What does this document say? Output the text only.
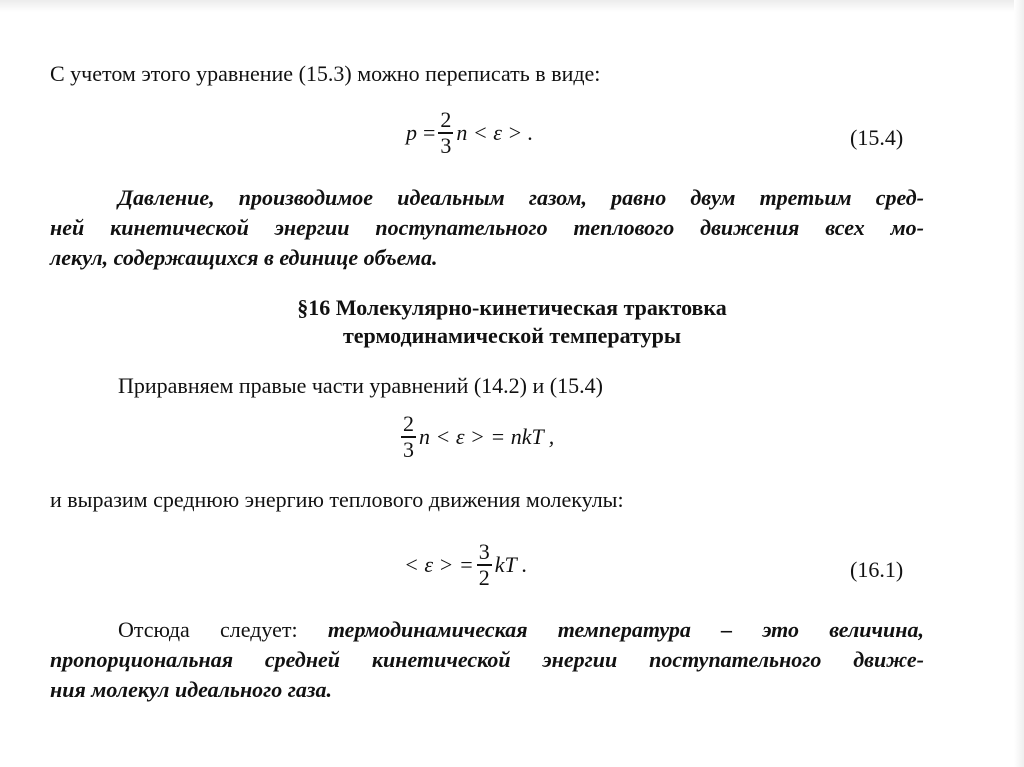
С учетом этого уравнение (15.3) можно переписать в виде:
$p = \frac{2}{3}$ n < ε > .	(15.4)
Давление, производимое идеальным газом, равно двум третьим сред-
ней кинетической энергии поступательного теплового движения всех мо-
лекул, содержащихся в единице объема.
§16 Молекулярно-кинетическая трактовка
термодинамической температуры
Приравняем правые части уравнений (14.2) и (15.4)
$\frac{2}{3}$ n < ε > = nkT ,
и выразим среднюю энергию теплового движения молекулы:
< ε > = $\frac{3}{2}$ kT .	(16.1)
Отсюда следует: термодинамическая температура – это величина,
пропорциональная средней кинетической энергии поступательного движе-
ния молекул идеального газа.
